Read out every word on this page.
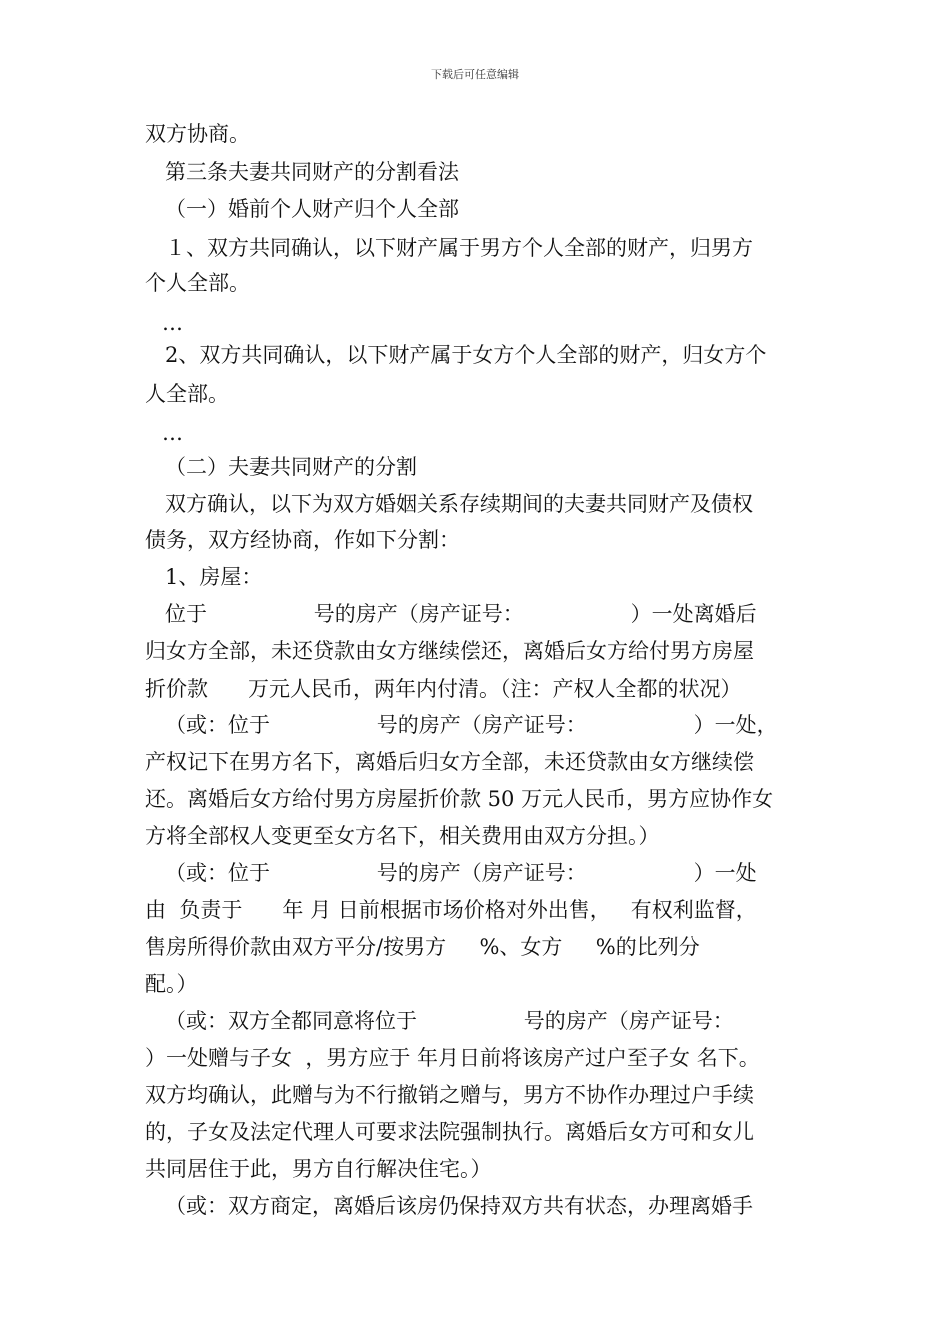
下载后可任意编辑
双方协商。
第三条夫妻共同财产的分割看法
（一）婚前个人财产归个人全部
１、双方共同确认，以下财产属于男方个人全部的财产，归男方
个人全部。
…
2、双方共同确认，以下财产属于女方个人全部的财产，归女方个
人全部。
…
（二）夫妻共同财产的分割
双方确认，以下为双方婚姻关系存续期间的夫妻共同财产及债权
债务，双方经协商，作如下分割：
1、房屋：
位于                号的房产（房产证号：                ）一处离婚后
归女方全部，未还贷款由女方继续偿还，离婚后女方给付男方房屋
折价款      万元人民币，两年内付清。（注：产权人全都的状况）
（或：位于                号的房产（房产证号：                ）一处，
产权记下在男方名下，离婚后归女方全部，未还贷款由女方继续偿
还。离婚后女方给付男方房屋折价款 50 万元人民币，男方应协作女
方将全部权人变更至女方名下，相关费用由双方分担。）
（或：位于                号的房产（房产证号：                ）一处
由  负责于      年 月 日前根据市场价格对外出售，   有权利监督，
售房所得价款由双方平分/按男方     %、女方     %的比列分
配。）
（或：双方全都同意将位于                号的房产（房产证号：
）一处赠与子女  ，男方应于 年月日前将该房产过户至子女 名下。
双方均确认，此赠与为不行撤销之赠与，男方不协作办理过户手续
的，子女及法定代理人可要求法院强制执行。离婚后女方可和女儿
共同居住于此，男方自行解决住宅。）
（或：双方商定，离婚后该房仍保持双方共有状态，办理离婚手
